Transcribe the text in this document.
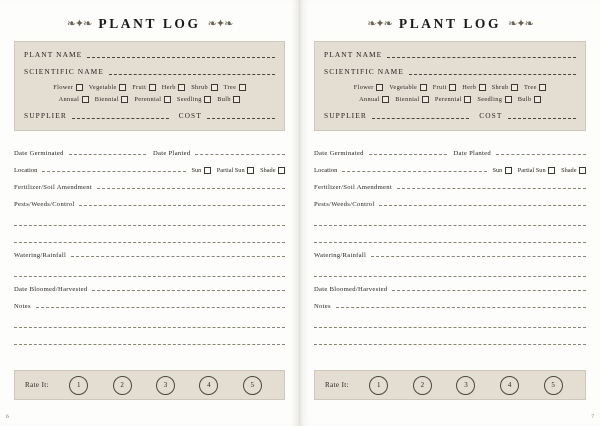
❧✦❧ PLANT LOG ❧✦❧
PLANT NAME
SCIENTIFIC NAME
Flower Vegetable Fruit Herb Shrub Tree
Annual Biennial Perennial Seedling Bulb
SUPPLIER	COST
Date Germinated	Date Planted
Location	Sun Partial Sun Shade
Fertilizer/Soil Amendment
Pests/Weeds/Control
Watering/Rainfall
Date Bloomed/Harvested
Notes
Rate It:	1	2	3	4	5
6
❧✦❧ PLANT LOG ❧✦❧
PLANT NAME
SCIENTIFIC NAME
Flower Vegetable Fruit Herb Shrub Tree
Annual Biennial Perennial Seedling Bulb
SUPPLIER	COST
Date Germinated	Date Planted
Location	Sun Partial Sun Shade
Fertilizer/Soil Amendment
Pests/Weeds/Control
Watering/Rainfall
Date Bloomed/Harvested
Notes
Rate It:	1	2	3	4	5
7
